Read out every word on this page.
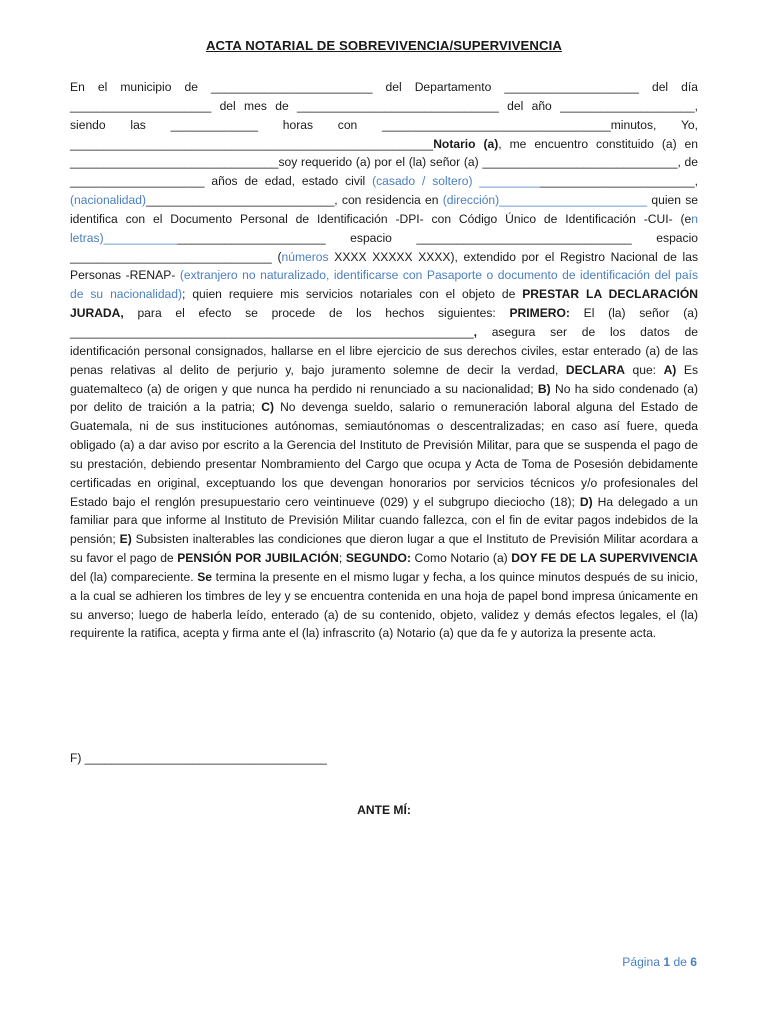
ACTA NOTARIAL DE SOBREVIVENCIA/SUPERVIVENCIA

En el municipio de ________________________ del Departamento ____________________ del día _____________________ del mes de ______________________________ del año ____________________, siendo las _____________ horas con __________________________________minutos, Yo, ______________________________________________________Notario (a), me encuentro constituido (a) en _______________________________soy requerido (a) por el (la) señor (a) _____________________________, de ____________________ años de edad, estado civil (casado / soltero) ________________________________, (nacionalidad)____________________________, con residencia en (dirección)______________________ quien se identifica con el Documento Personal de Identificación -DPI- con Código Único de Identificación -CUI- (en letras)_________________________________ espacio ________________________________ espacio ______________________________ (números XXXX XXXXX XXXX), extendido por el Registro Nacional de las Personas -RENAP- (extranjero no naturalizado, identificarse con Pasaporte o documento de identificación del país de su nacionalidad); quien requiere mis servicios notariales con el objeto de PRESTAR LA DECLARACIÓN JURADA, para el efecto se procede de los hechos siguientes: PRIMERO: El (la) señor (a) ____________________________________________________________, asegura ser de los datos de identificación personal consignados, hallarse en el libre ejercicio de sus derechos civiles, estar enterado (a) de las penas relativas al delito de perjurio y, bajo juramento solemne de decir la verdad, DECLARA que: A) Es guatemalteco (a) de origen y que nunca ha perdido ni renunciado a su nacionalidad; B) No ha sido condenado (a) por delito de traición a la patria; C) No devenga sueldo, salario o remuneración laboral alguna del Estado de Guatemala, ni de sus instituciones autónomas, semiautónomas o descentralizadas; en caso así fuere, queda obligado (a) a dar aviso por escrito a la Gerencia del Instituto de Previsión Militar, para que se suspenda el pago de su prestación, debiendo presentar Nombramiento del Cargo que ocupa y Acta de Toma de Posesión debidamente certificadas en original, exceptuando los que devengan honorarios por servicios técnicos y/o profesionales del Estado bajo el renglón presupuestario cero veintinueve (029) y el subgrupo dieciocho (18); D) Ha delegado a un familiar para que informe al Instituto de Previsión Militar cuando fallezca, con el fin de evitar pagos indebidos de la pensión; E) Subsisten inalterables las condiciones que dieron lugar a que el Instituto de Previsión Militar acordara a su favor el pago de PENSIÓN POR JUBILACIÓN; SEGUNDO: Como Notario (a) DOY FE DE LA SUPERVIVENCIA del (la) compareciente. Se termina la presente en el mismo lugar y fecha, a los quince minutos después de su inicio, a la cual se adhieren los timbres de ley y se encuentra contenida en una hoja de papel bond impresa únicamente en su anverso; luego de haberla leído, enterado (a) de su contenido, objeto, validez y demás efectos legales, el (la) requirente la ratifica, acepta y firma ante el (la) infrascrito (a) Notario (a) que da fe y autoriza la presente acta.

F) ____________________________________
ANTE MÍ:
Página 1 de 6
